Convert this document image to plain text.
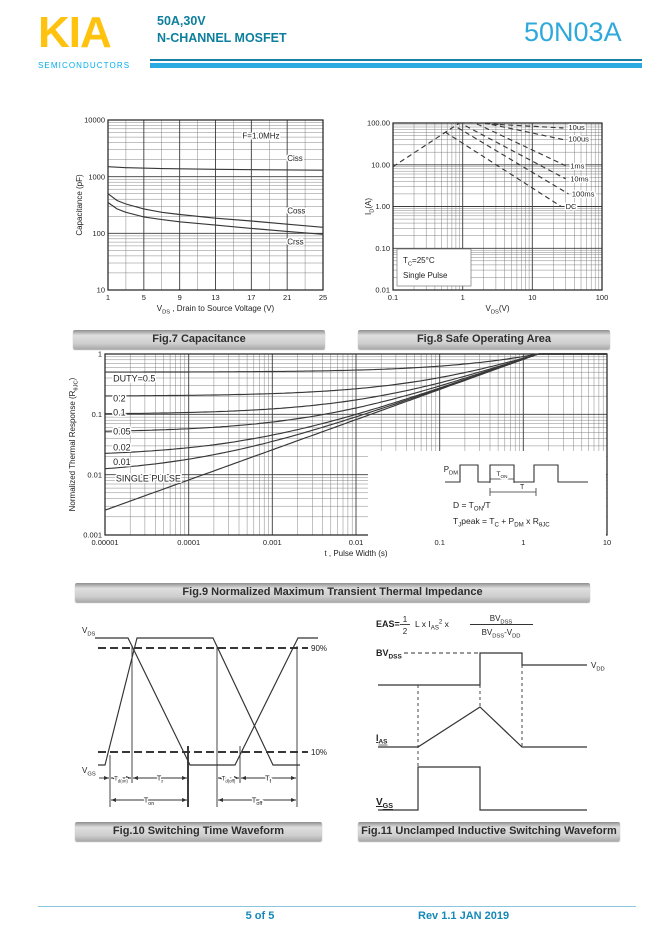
KIA
SEMICONDUCTORS
50A,30V
N-CHANNEL MOSFET	50N03A
10000
1000
100
10
1	5	9	13	17	21	25
$V_{DS}$ , Drain to Source Voltage (V)
Capacitance (pF)
F=1.0MHz
Ciss
Coss
Crss
100.00
10.00
1.00
0.10
0.01
0.1	1	10	100
$V_{DS}(V)$
$I_D(A)$
10us
100us
1ms
10ms
100ms
DC
$T_C=25^\circ C$
Single Pulse
Fig.7 Capacitance	Fig.8 Safe Operating Area
1
0.1
0.01
0.001
0.00001	0.0001	0.001	0.01	0.1	1	10
t , Pulse Width (s)
Normalized Thermal Response $(R_{\theta JC})$	DUTY=0.5
0.2
0.1
0.05
0.02
0.01
SINGLE PULSE
$P_{DM}$	$T_{ON}$
T
$D = T_{ON}/T$
$T_Jpeak = T_C + P_{DM}$ x $R_{\theta JC}$
Fig.9 Normalized Maximum Transient Thermal Impedance
90%
10%
$V_{DS}$
$V_{GS}$
$T_{d(on)}$	$T_r$	$T_{d(off)}$	$T_f$
$T_{on}$	$T_{off}$
EAS= 1
2
L x $I_{AS}^2$ x
$BV_{DSS}$
$BV_{DSS}-V_{DD}$
$BV_{DSS}$
$V_{DD}$
$I_{AS}$
$V_{GS}$
Fig.10 Switching Time Waveform	Fig.11 Unclamped Inductive Switching Waveform
5 of 5	Rev 1.1 JAN 2019
